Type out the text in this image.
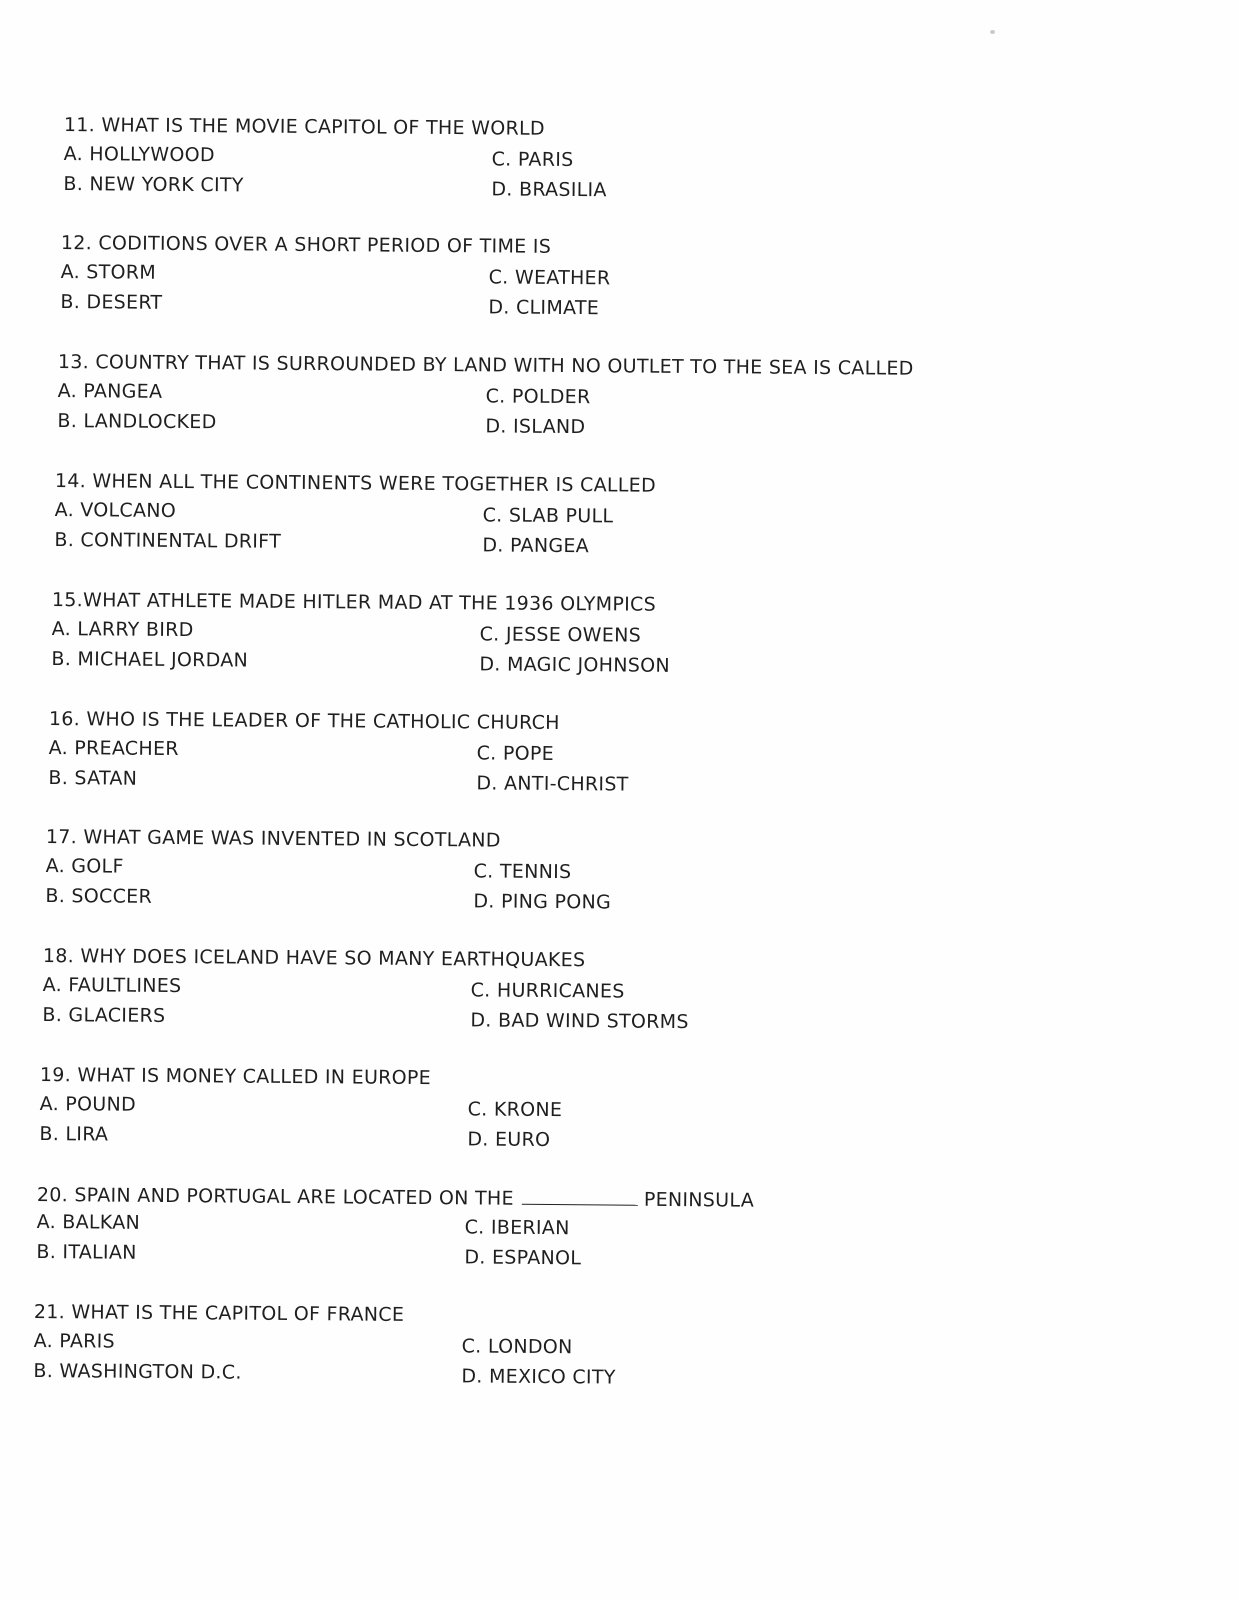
11. WHAT IS THE MOVIE CAPITOL OF THE WORLD
A. HOLLYWOOD
B. NEW YORK CITY
C. PARIS
D. BRASILIA
12. CODITIONS OVER A SHORT PERIOD OF TIME IS
A. STORM
B. DESERT
C. WEATHER
D. CLIMATE
13. COUNTRY THAT IS SURROUNDED BY LAND WITH NO OUTLET TO THE SEA IS CALLED
A. PANGEA
B. LANDLOCKED
C. POLDER
D. ISLAND
14. WHEN ALL THE CONTINENTS WERE TOGETHER IS CALLED
A. VOLCANO
B. CONTINENTAL DRIFT
C. SLAB PULL
D. PANGEA
15.WHAT ATHLETE MADE HITLER MAD AT THE 1936 OLYMPICS
A. LARRY BIRD
B. MICHAEL JORDAN
C. JESSE OWENS
D. MAGIC JOHNSON
16. WHO IS THE LEADER OF THE CATHOLIC CHURCH
A. PREACHER
B. SATAN
C. POPE
D. ANTI-CHRIST
17. WHAT GAME WAS INVENTED IN SCOTLAND
A. GOLF
B. SOCCER
C. TENNIS
D. PING PONG
18. WHY DOES ICELAND HAVE SO MANY EARTHQUAKES
A. FAULTLINES
B. GLACIERS
C. HURRICANES
D. BAD WIND STORMS
19. WHAT IS MONEY CALLED IN EUROPE
A. POUND
B. LIRA
C. KRONE
D. EURO
20. SPAIN AND PORTUGAL ARE LOCATED ON THE	PENINSULA
A. BALKAN
B. ITALIAN
C. IBERIAN
D. ESPANOL
21. WHAT IS THE CAPITOL OF FRANCE
A. PARIS
B. WASHINGTON D.C.
C. LONDON
D. MEXICO CITY
